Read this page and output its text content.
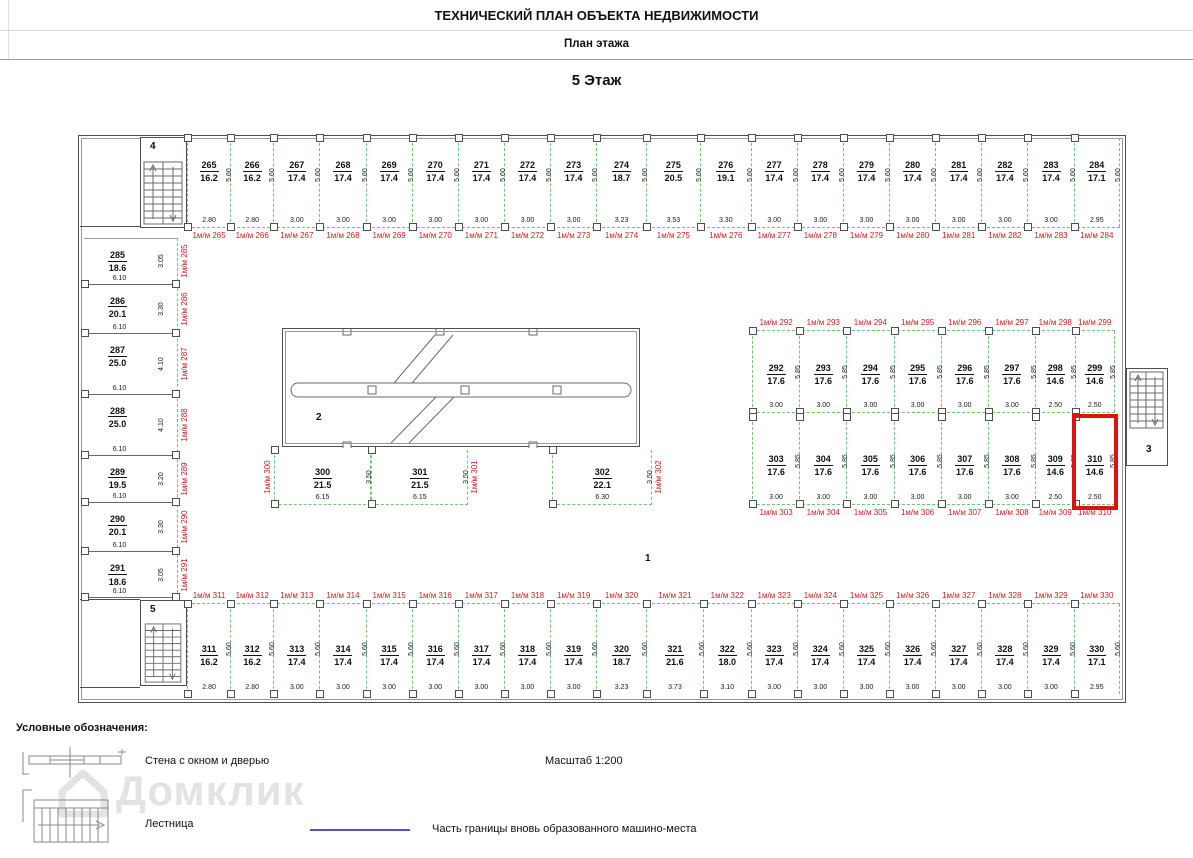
ТЕХНИЧЕСКИЙ ПЛАН ОБЪЕКТА НЕДВИЖИМОСТИ
План этажа
5 Этаж
1
2
3
4
5
265
16.2	5.60
2.80
1м/м 265
266
16.2	5.60
2.80
1м/м 266
267
17.4	5.60
3.00
1м/м 267
268
17.4	5.60
3.00
1м/м 268
269
17.4	5.60
3.00
1м/м 269
270
17.4	5.60
3.00
1м/м 270
271
17.4	5.60
3.00
1м/м 271
272
17.4	5.60
3.00
1м/м 272
273
17.4	5.60
3.00
1м/м 273
274
18.7	5.60
3.23
1м/м 274
275
20.5	5.60
3.53
1м/м 275
276
19.1	5.60
3.30
1м/м 276
277
17.4	5.60
3.00
1м/м 277
278
17.4	5.60
3.00
1м/м 278
279
17.4	5.60
3.00
1м/м 279
280
17.4	5.60
3.00
1м/м 280
281
17.4	5.60
3.00
1м/м 281
282
17.4	5.60
3.00
1м/м 282
283
17.4	5.60
3.00
1м/м 283
284
17.1	5.60
2.95
1м/м 284
285
18.6
3.05
6.10
1м/м 285
286
20.1	3.30
6.10
1м/м 286
287
25.0	4.10
6.10
1м/м 287
288
25.0	4.10
6.10
1м/м 288
289
19.5	3.20
6.10
1м/м 289
290
20.1	3.30
6.10
1м/м 290
291
18.6
3.05
6.10
1м/м 291
300
21.5
3.50
6.15
1м/м 300	301
21.5
3.50
6.15
1м/м 301	302
22.1
3.50
6.30
1м/м 302
292
17.6
5.85
3.00
1м/м 292
293
17.6
5.85
3.00
1м/м 293
294
17.6
5.85
3.00
1м/м 294
295
17.6
5.85
3.00
1м/м 295
296
17.6
5.85
3.00
1м/м 296
297
17.6
5.85
3.00
1м/м 297
298
14.6
5.85
2.50
1м/м 298
299
14.6
5.85
2.50
1м/м 299
303
17.6
5.85
3.00
1м/м 303
304
17.6
5.85
3.00
1м/м 304
305
17.6
5.85
3.00
1м/м 305
306
17.6
5.85
3.00
1м/м 306
307
17.6
5.85
3.00
1м/м 307
308
17.6
5.85
3.00
1м/м 308
309
14.6
5.85
2.50
1м/м 309
310
14.6
5.85
2.50
1м/м 310
311
16.2
5.60
2.80
1м/м 311
312
16.2
5.60
2.80
1м/м 312
313
17.4
5.60
3.00
1м/м 313
314
17.4
5.60
3.00
1м/м 314
315
17.4
5.60
3.00
1м/м 315
316
17.4
5.60
3.00
1м/м 316
317
17.4
5.60
3.00
1м/м 317
318
17.4
5.60
3.00
1м/м 318
319
17.4
5.60
3.00
1м/м 319
320
18.7
5.60
3.23
1м/м 320
321
21.6
5.60
3.73
1м/м 321
322
18.0
5.60
3.10
1м/м 322
323
17.4
5.60
3.00
1м/м 323
324
17.4
5.60
3.00
1м/м 324
325
17.4
5.60
3.00
1м/м 325
326
17.4
5.60
3.00
1м/м 326
327
17.4
5.60
3.00
1м/м 327
328
17.4
5.60
3.00
1м/м 328
329
17.4
5.60
3.00
1м/м 329
330
17.1
5.60
2.95
1м/м 330
Домклик
Условные обозначения:
Стена с окном и дверью	Масштаб 1:200
Лестница	Часть границы вновь образованного машино-места
